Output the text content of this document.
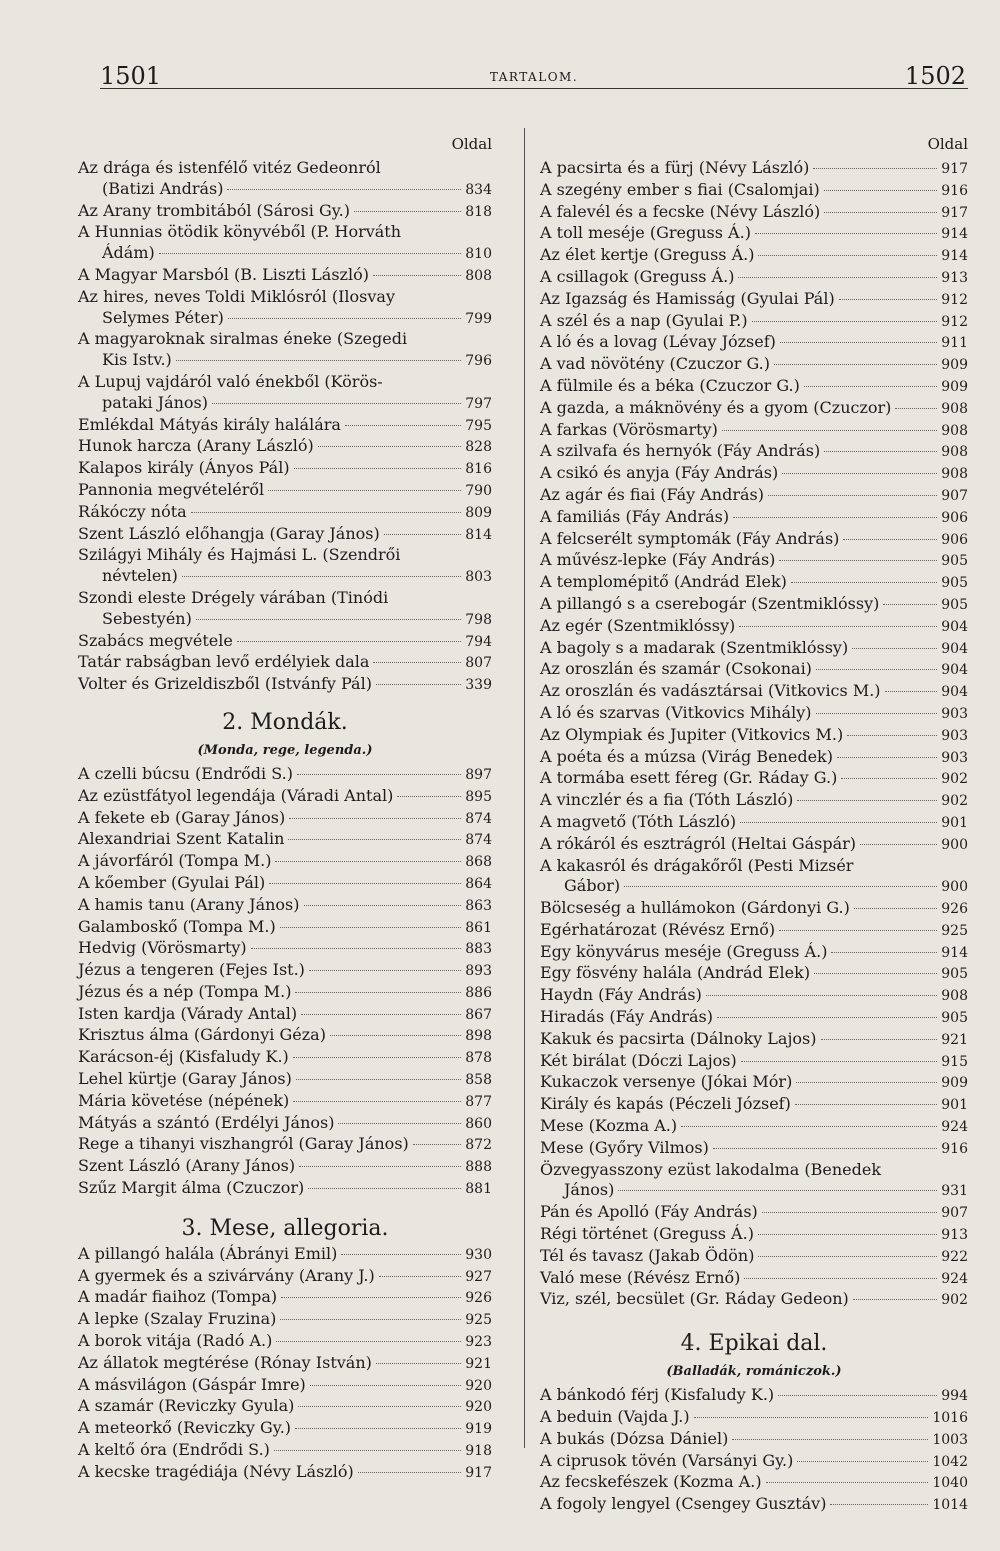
1501	TARTALOM.	1502
Oldal
Az drága és istenfélő vitéz Gedeonról
(Batizi András)	834
Az Arany trombitából (Sárosi Gy.)	818
A Hunnias ötödik könyvéből (P. Horváth
Ádám)	810
A Magyar Marsból (B. Liszti László)	808
Az hires, neves Toldi Miklósról (Ilosvay
Selymes Péter)	799
A magyaroknak siralmas éneke (Szegedi
Kis Istv.)	796
A Lupuj vajdáról való énekből (Körös-
pataki János)	797
Emlékdal Mátyás király halálára	795
Hunok harcza (Arany László)	828
Kalapos király (Ányos Pál)	816
Pannonia megvételéről	790
Rákóczy nóta	809
Szent László előhangja (Garay János)	814
Szilágyi Mihály és Hajmási L. (Szendrői
névtelen)	803
Szondi eleste Drégely várában (Tinódi
Sebestyén)	798
Szabács megvétele	794
Tatár rabságban levő erdélyiek dala	807
Volter és Grizeldiszből (Istvánfy Pál)	339
2. Mondák.
(Monda, rege, legenda.)
A czelli búcsu (Endrődi S.)	897
Az ezüstfátyol legendája (Váradi Antal)	895
A fekete eb (Garay János)	874
Alexandriai Szent Katalin	874
A jávorfáról (Tompa M.)	868
A kőember (Gyulai Pál)	864
A hamis tanu (Arany János)	863
Galamboskő (Tompa M.)	861
Hedvig (Vörösmarty)	883
Jézus a tengeren (Fejes Ist.)	893
Jézus és a nép (Tompa M.)	886
Isten kardja (Várady Antal)	867
Krisztus álma (Gárdonyi Géza)	898
Karácson-éj (Kisfaludy K.)	878
Lehel kürtje (Garay János)	858
Mária követése (népének)	877
Mátyás a szántó (Erdélyi János)	860
Rege a tihanyi viszhangról (Garay János)	872
Szent László (Arany János)	888
Szűz Margit álma (Czuczor)	881
3. Mese, allegoria.
A pillangó halála (Ábrányi Emil)	930
A gyermek és a szivárvány (Arany J.)	927
A madár fiaihoz (Tompa)	926
A lepke (Szalay Fruzina)	925
A borok vitája (Radó A.)	923
Az állatok megtérése (Rónay István)	921
A másvilágon (Gáspár Imre)	920
A szamár (Reviczky Gyula)	920
A meteorkő (Reviczky Gy.)	919
A keltő óra (Endrődi S.)	918
A kecske tragédiája (Névy László)	917
Oldal
A pacsirta és a fürj (Névy László)	917
A szegény ember s fiai (Csalomjai)	916
A falevél és a fecske (Névy László)	917
A toll meséje (Greguss Á.)	914
Az élet kertje (Greguss Á.)	914
A csillagok (Greguss Á.)	913
Az Igazság és Hamisság (Gyulai Pál)	912
A szél és a nap (Gyulai P.)	912
A ló és a lovag (Lévay József)	911
A vad növötény (Czuczor G.)	909
A fülmile és a béka (Czuczor G.)	909
A gazda, a máknövény és a gyom (Czuczor)	908
A farkas (Vörösmarty)	908
A szilvafa és hernyók (Fáy András)	908
A csikó és anyja (Fáy András)	908
Az agár és fiai (Fáy András)	907
A familiás (Fáy András)	906
A felcserélt symptomák (Fáy András)	906
A művész-lepke (Fáy András)	905
A templomépitő (Andrád Elek)	905
A pillangó s a cserebogár (Szentmiklóssy)	905
Az egér (Szentmiklóssy)	904
A bagoly s a madarak (Szentmiklóssy)	904
Az oroszlán és szamár (Csokonai)	904
Az oroszlán és vadásztársai (Vitkovics M.)	904
A ló és szarvas (Vitkovics Mihály)	903
Az Olympiak és Jupiter (Vitkovics M.)	903
A poéta és a múzsa (Virág Benedek)	903
A tormába esett féreg (Gr. Ráday G.)	902
A vinczlér és a fia (Tóth László)	902
A magvető (Tóth László)	901
A rókáról és esztrágról (Heltai Gáspár)	900
A kakasról és drágakőről (Pesti Mizsér
Gábor)	900
Bölcseség a hullámokon (Gárdonyi G.)	926
Egérhatározat (Révész Ernő)	925
Egy könyvárus meséje (Greguss Á.)	914
Egy fösvény halála (Andrád Elek)	905
Haydn (Fáy András)	908
Hiradás (Fáy András)	905
Kakuk és pacsirta (Dálnoky Lajos)	921
Két birálat (Dóczi Lajos)	915
Kukaczok versenye (Jókai Mór)	909
Király és kapás (Péczeli József)	901
Mese (Kozma A.)	924
Mese (Győry Vilmos)	916
Özvegyasszony ezüst lakodalma (Benedek
János)	931
Pán és Apolló (Fáy András)	907
Régi történet (Greguss Á.)	913
Tél és tavasz (Jakab Ödön)	922
Való mese (Révész Ernő)	924
Viz, szél, becsület (Gr. Ráday Gedeon)	902
4. Epikai dal.
(Balladák, romániczok.)
A bánkodó férj (Kisfaludy K.)	994
A beduin (Vajda J.)	1016
A bukás (Dózsa Dániel)	1003
A ciprusok tövén (Varsányi Gy.)	1042
Az fecskefészek (Kozma A.)	1040
A fogoly lengyel (Csengey Gusztáv)	1014
